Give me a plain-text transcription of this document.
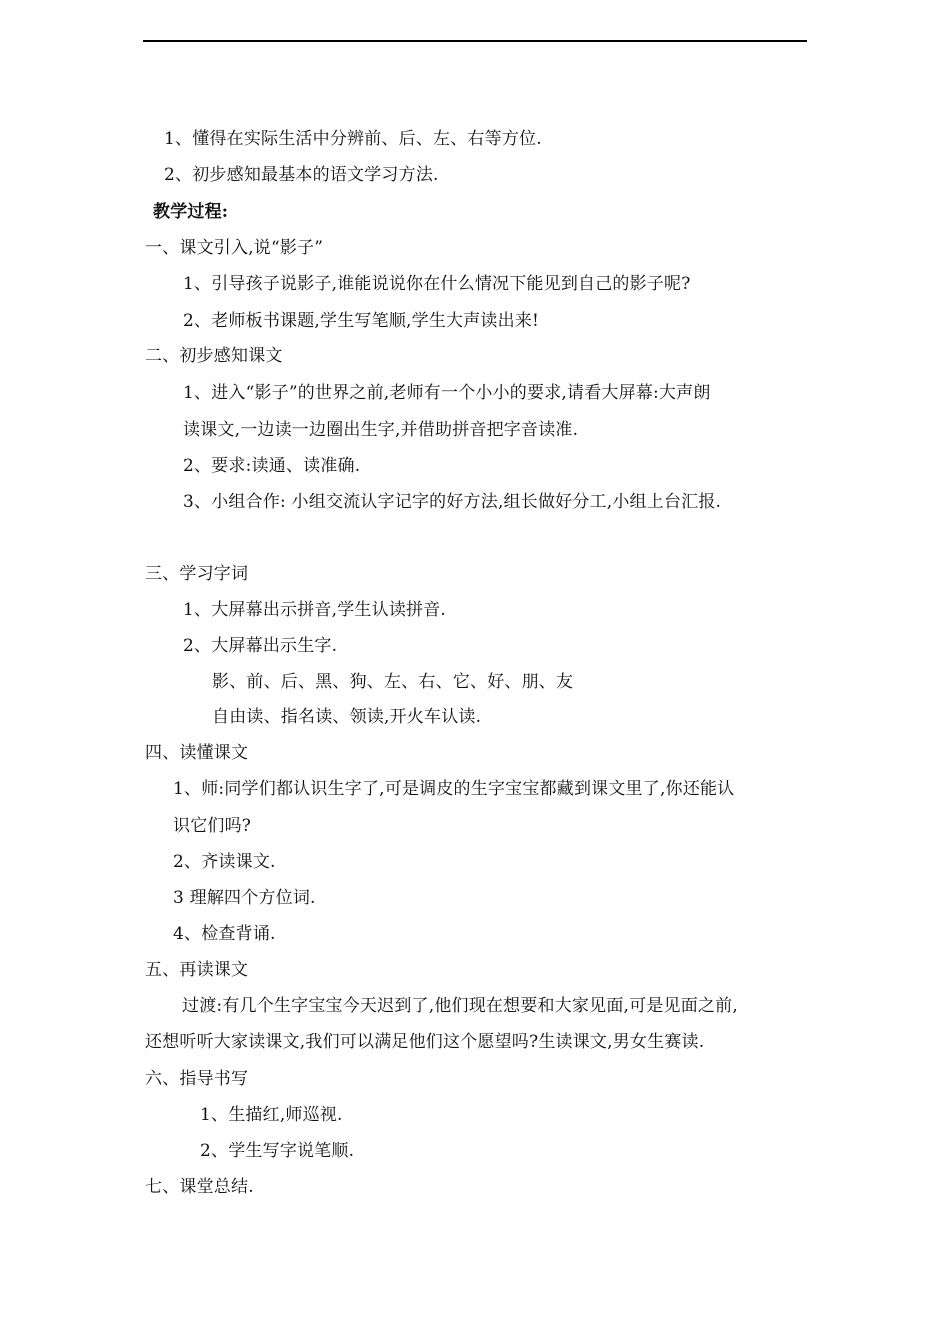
1、懂得在实际生活中分辨前、后、左、右等方位.
2、初步感知最基本的语文学习方法.
教学过程:
一、课文引入,说“影子”
1、引导孩子说影子,谁能说说你在什么情况下能见到自己的影子呢?
2、老师板书课题,学生写笔顺,学生大声读出来!
二、初步感知课文
1、进入“影子”的世界之前,老师有一个小小的要求,请看大屏幕:大声朗
读课文,一边读一边圈出生字,并借助拼音把字音读准.
2、要求:读通、读准确.
3、小组合作: 小组交流认字记字的好方法,组长做好分工,小组上台汇报.
三、学习字词
1、大屏幕出示拼音,学生认读拼音.
2、大屏幕出示生字.
影、前、后、黑、狗、左、右、它、好、朋、友
自由读、指名读、领读,开火车认读.
四、读懂课文
1、师:同学们都认识生字了,可是调皮的生字宝宝都藏到课文里了,你还能认
识它们吗?
2、齐读课文.
3 理解四个方位词.
4、检查背诵.
五、再读课文
过渡:有几个生字宝宝今天迟到了,他们现在想要和大家见面,可是见面之前,
还想听听大家读课文,我们可以满足他们这个愿望吗?生读课文,男女生赛读.
六、指导书写
1、生描红,师巡视.
2、学生写字说笔顺.
七、课堂总结.
